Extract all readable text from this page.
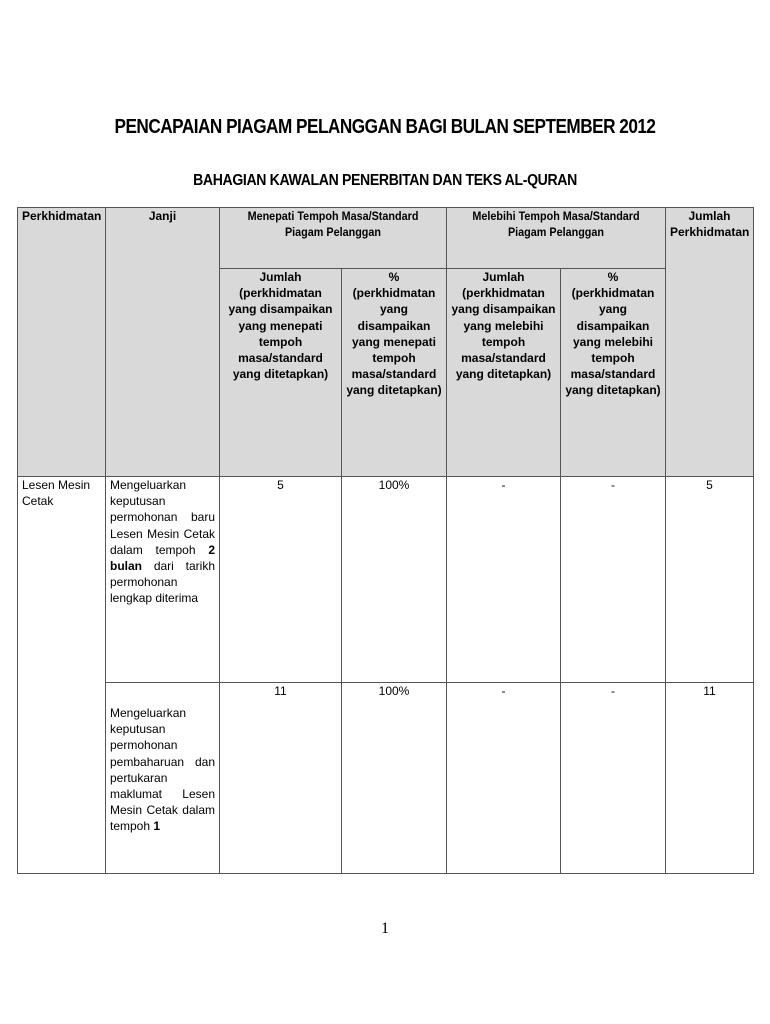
PENCAPAIAN PIAGAM PELANGGAN BAGI BULAN SEPTEMBER 2012
BAHAGIAN KAWALAN PENERBITAN DAN TEKS AL-QURAN
Perkhidmatan	Janji	Menepati Tempoh Masa/Standard Piagam Pelanggan		Melebihi Tempoh Masa/Standard Piagam Pelanggan		Jumlah Perkhidmatan
		Jumlah (perkhidmatan yang disampaikan yang menepati tempoh masa/standard yang ditetapkan)	% (perkhidmatan yang disampaikan yang menepati tempoh masa/standard yang ditetapkan)	Jumlah (perkhidmatan yang disampaikan yang melebihi tempoh masa/standard yang ditetapkan)	% (perkhidmatan yang disampaikan yang melebihi tempoh masa/standard yang ditetapkan)	
Lesen Mesin Cetak	Mengeluarkan keputusan permohonan baru Lesen Mesin Cetak dalam tempoh 2 bulan dari tarikh permohonan lengkap diterima	5	100%	-	-	5

	Mengeluarkan keputusan permohonan pembaharuan dan pertukaran maklumat Lesen Mesin Cetak dalam tempoh 1	11	100%	-	-	11
1
